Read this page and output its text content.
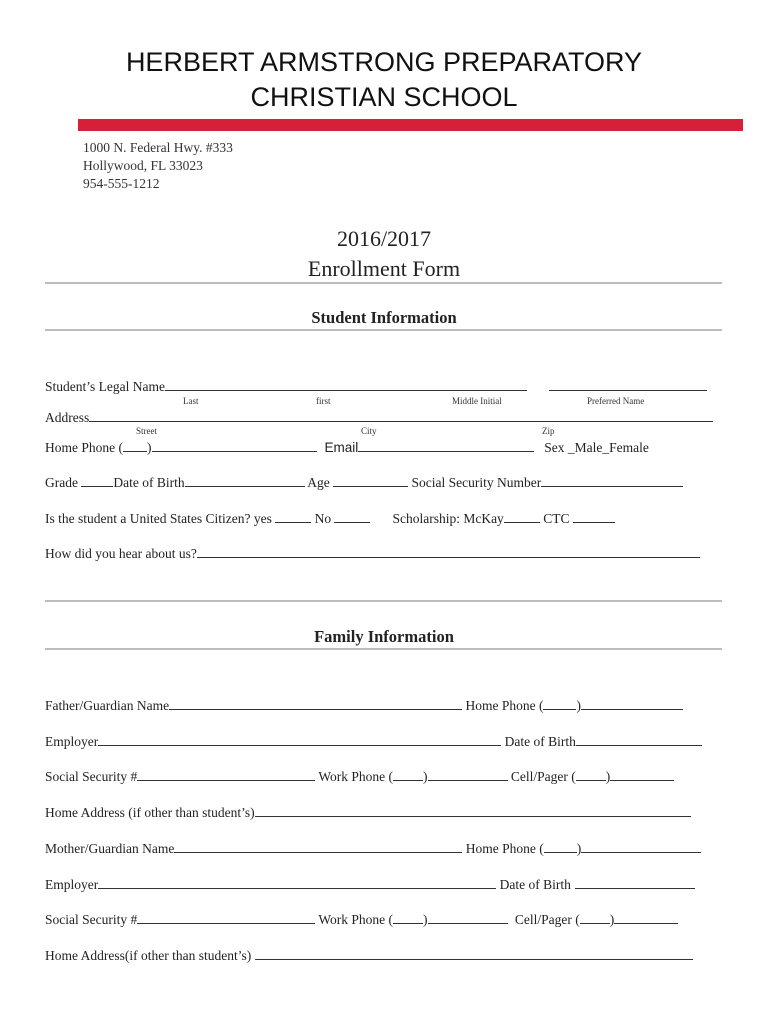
HERBERT ARMSTRONG PREPARATORY
CHRISTIAN SCHOOL
1000 N. Federal Hwy. #333
Hollywood, FL 33023
954-555-1212
2016/2017
Enrollment Form
Student Information
Student’s Legal Name
Last	first	Middle Initial	Preferred Name
Address
Street	City	Zip
Home Phone ( )	Email	Sex _Male_Female
Grade Date of Birth	Age	Social Security Number
Is the student a United States Citizen? yes	No	Scholarship: McKay	CTC
How did you hear about us?
Family Information
Father/Guardian Name	Home Phone ( )
Employer	Date of Birth
Social Security #	Work Phone ( )	Cell/Pager ( )
Home Address (if other than student’s)
Mother/Guardian Name	Home Phone ( )
Employer	Date of Birth
Social Security #	Work Phone ( )	Cell/Pager ( )
Home Address(if other than student’s)
